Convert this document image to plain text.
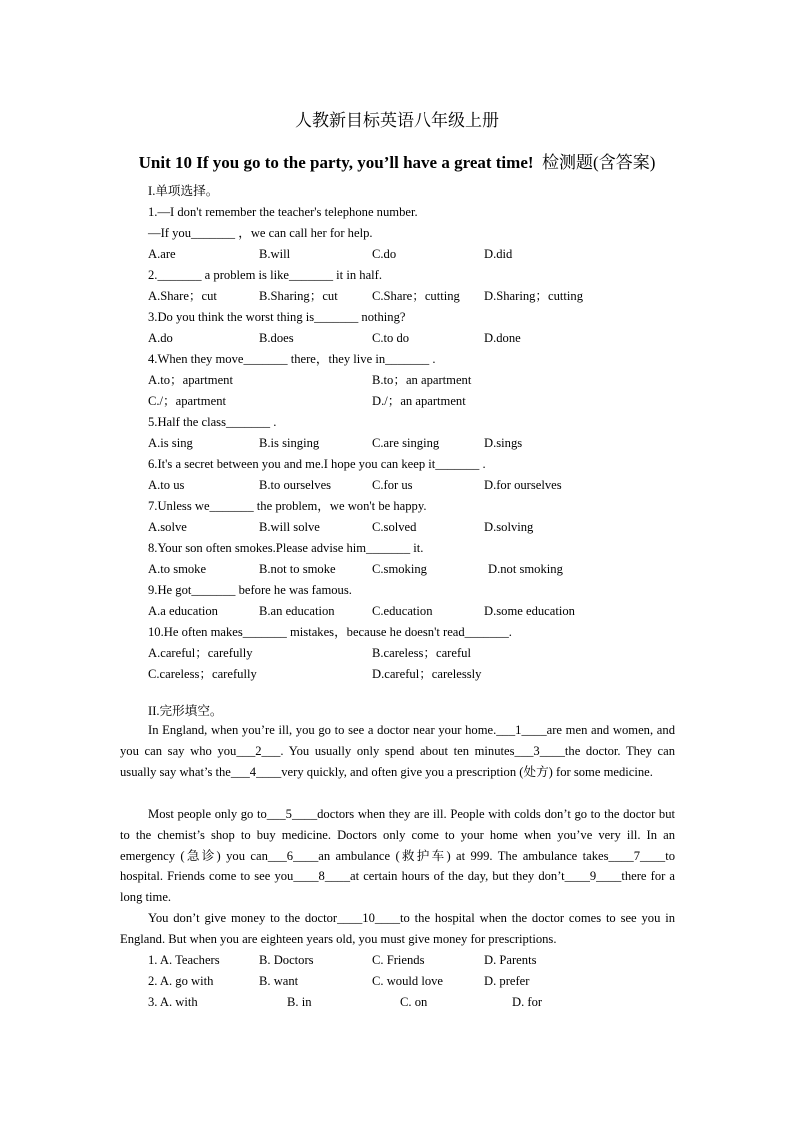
人教新目标英语八年级上册
Unit 10 If you go to the party, you’ll have a great time! 检测题(含答案)
I.单项选择。
1.—I don't remember the teacher's telephone number.
—If you_______ ，we can call her for help.
A.are	B.will	C.do	D.did
2._______ a problem is like_______ it in half.
A.Share；cut	B.Sharing；cut	C.Share；cutting D.Sharing；cutting
3.Do you think the worst thing is_______ nothing?
A.do	B.does	C.to do	D.done
4.When they move_______ there，they live in_______ .
A.to；apartment	B.to；an apartment
C./；apartment	D./；an apartment
5.Half the class_______ .
A.is sing	B.is singing	C.are singing	D.sings
6.It's a secret between you and me.I hope you can keep it_______ .
A.to us	B.to ourselves	C.for us	D.for ourselves
7.Unless we_______ the problem，we won't be happy.
A.solve	B.will solve	C.solved	D.solving
8.Your son often smokes.Please advise him_______ it.
A.to smoke	B.not to smoke	C.smoking	D.not smoking
9.He got_______ before he was famous.
A.a education	B.an education	C.education	D.some education
10.He often makes_______ mistakes，because he doesn't read_______.
A.careful；carefully	B.careless；careful
C.careless；carefully	D.careful；carelessly
II.完形填空。
In England, when you’re ill, you go to see a doctor near your home.___1____are men and women, and you can say who you___2___. You usually only spend about ten minutes___3____the doctor. They can usually say what’s the___4____very quickly, and often give you a prescription (处方) for some medicine.
Most people only go to___5____doctors when they are ill. People with colds don’t go to the doctor but to the chemist’s shop to buy medicine. Doctors only come to your home when you’ve very ill. In an emergency (急诊) you can___6____an ambulance (救护车) at 999. The ambulance takes____7____to hospital. Friends come to see you____8____at certain hours of the day, but they don’t____9____there for a long time.
You don’t give money to the doctor____10____to the hospital when the doctor comes to see you in England. But when you are eighteen years old, you must give money for prescriptions.
1. A. Teachers	B. Doctors	C. Friends	D. Parents
2. A. go with	B. want	C. would love	D. prefer
3. A. with	B. in	C. on	D. for
